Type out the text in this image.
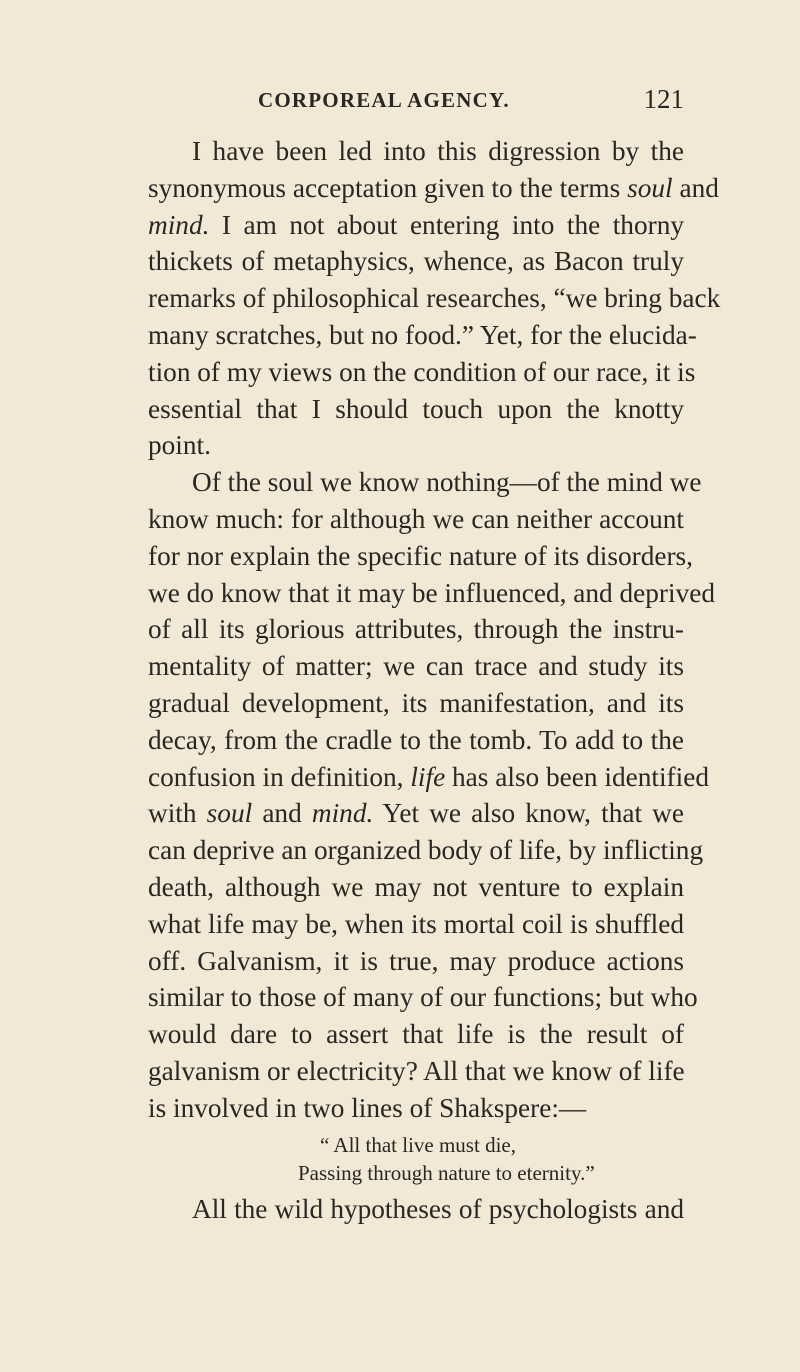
CORPOREAL AGENCY.	121
I have been led into this digression by the
synonymous acceptation given to the terms soul and
mind. I am not about entering into the thorny
thickets of metaphysics, whence, as Bacon truly
remarks of philosophical researches, “we bring back
many scratches, but no food.” Yet, for the elucida-
tion of my views on the condition of our race, it is
essential that I should touch upon the knotty
point.
Of the soul we know nothing—of the mind we
know much: for although we can neither account
for nor explain the specific nature of its disorders,
we do know that it may be influenced, and deprived
of all its glorious attributes, through the instru-
mentality of matter; we can trace and study its
gradual development, its manifestation, and its
decay, from the cradle to the tomb. To add to the
confusion in definition, life has also been identified
with soul and mind. Yet we also know, that we
can deprive an organized body of life, by inflicting
death, although we may not venture to explain
what life may be, when its mortal coil is shuffled
off. Galvanism, it is true, may produce actions
similar to those of many of our functions; but who
would dare to assert that life is the result of
galvanism or electricity? All that we know of life
is involved in two lines of Shakspere:—
“ All that live must die,
Passing through nature to eternity.”
All the wild hypotheses of psychologists and
